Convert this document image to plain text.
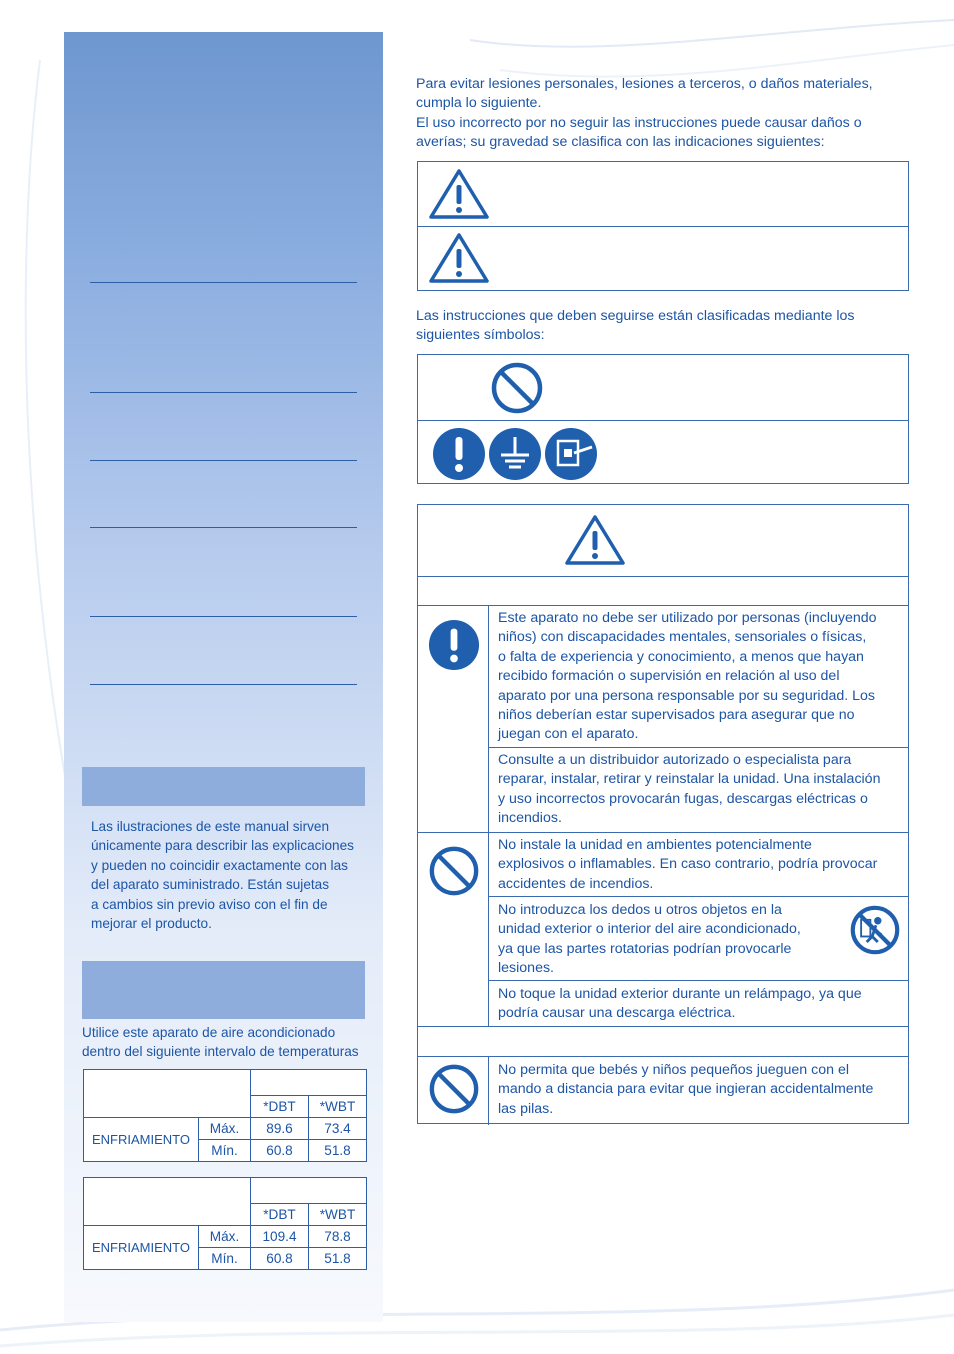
Las ilustraciones de este manual sirven
únicamente para describir las explicaciones
y pueden no coincidir exactamente con las
del aparato suministrado. Están sujetas
a cambios sin previo aviso con el fin de
mejorar el producto.
Utilice este aparato de aire acondicionado
dentro del siguiente intervalo de temperaturas

		*DBT	*WBT
ENFRIAMIENTO	Máx.	89.6	73.4
	Mín.	60.8	51.8

		*DBT	*WBT
ENFRIAMIENTO	Máx.	109.4	78.8
	Mín.	60.8	51.8
Para evitar lesiones personales, lesiones a terceros, o daños materiales,
cumpla lo siguiente.
El uso incorrecto por no seguir las instrucciones puede causar daños o
averías; su gravedad se clasifica con las indicaciones siguientes:
Las instrucciones que deben seguirse están clasificadas mediante los
siguientes símbolos:
Este aparato no debe ser utilizado por personas (incluyendo
niños) con discapacidades mentales, sensoriales o físicas,
o falta de experiencia y conocimiento, a menos que hayan
recibido formación o supervisión en relación al uso del
aparato por una persona responsable por su seguridad. Los
niños deberían estar supervisados para asegurar que no
juegan con el aparato.
Consulte a un distribuidor autorizado o especialista para
reparar, instalar, retirar y reinstalar la unidad. Una instalación
y uso incorrectos provocarán fugas, descargas eléctricas o
incendios.
No instale la unidad en ambientes potencialmente
explosivos o inflamables. En caso contrario, podría provocar
accidentes de incendios.
No introduzca los dedos u otros objetos en la
unidad exterior o interior del aire acondicionado,
ya que las partes rotatorias podrían provocarle
lesiones.
No toque la unidad exterior durante un relámpago, ya que
podría causar una descarga eléctrica.
No permita que bebés y niños pequeños jueguen con el
mando a distancia para evitar que ingieran accidentalmente
las pilas.
